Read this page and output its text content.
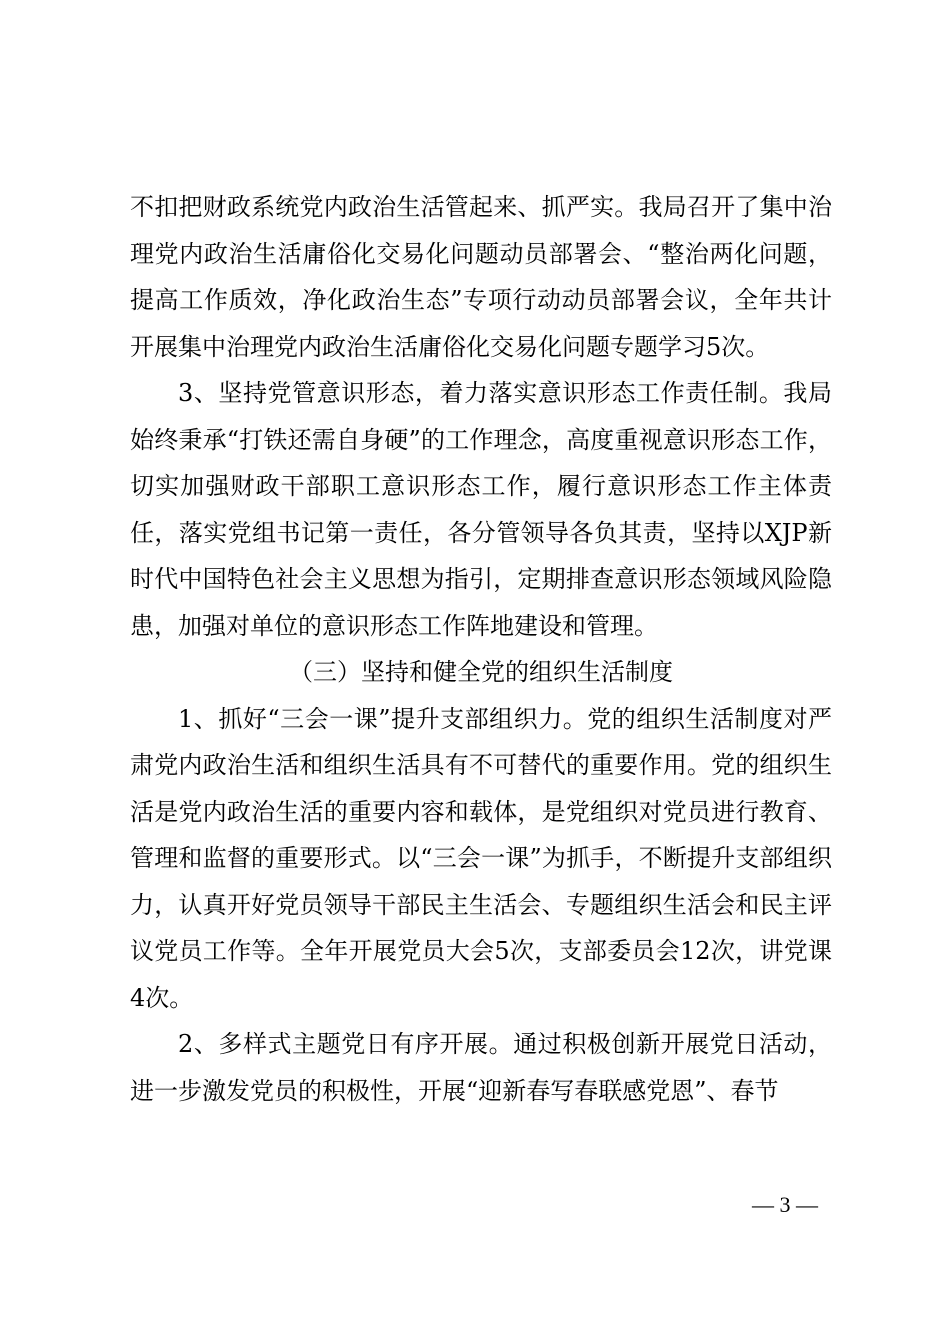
不扣把财政系统党内政治生活管起来、抓严实。我局召开了集中治理党内政治生活庸俗化交易化问题动员部署会、“整治两化问题，提高工作质效，净化政治生态”专项行动动员部署会议，全年共计开展集中治理党内政治生活庸俗化交易化问题专题学习5次。

3、坚持党管意识形态，着力落实意识形态工作责任制。我局始终秉承“打铁还需自身硬”的工作理念，高度重视意识形态工作，切实加强财政干部职工意识形态工作，履行意识形态工作主体责任，落实党组书记第一责任，各分管领导各负其责，坚持以XJP新时代中国特色社会主义思想为指引，定期排查意识形态领域风险隐患，加强对单位的意识形态工作阵地建设和管理。

（三）坚持和健全党的组织生活制度

1、抓好“三会一课”提升支部组织力。党的组织生活制度对严肃党内政治生活和组织生活具有不可替代的重要作用。党的组织生活是党内政治生活的重要内容和载体，是党组织对党员进行教育、管理和监督的重要形式。以“三会一课”为抓手，不断提升支部组织力，认真开好党员领导干部民主生活会、专题组织生活会和民主评议党员工作等。全年开展党员大会5次，支部委员会12次，讲党课4次。

2、多样式主题党日有序开展。通过积极创新开展党日活动，进一步激发党员的积极性，开展“迎新春写春联感党恩”、春节

— 3 —
